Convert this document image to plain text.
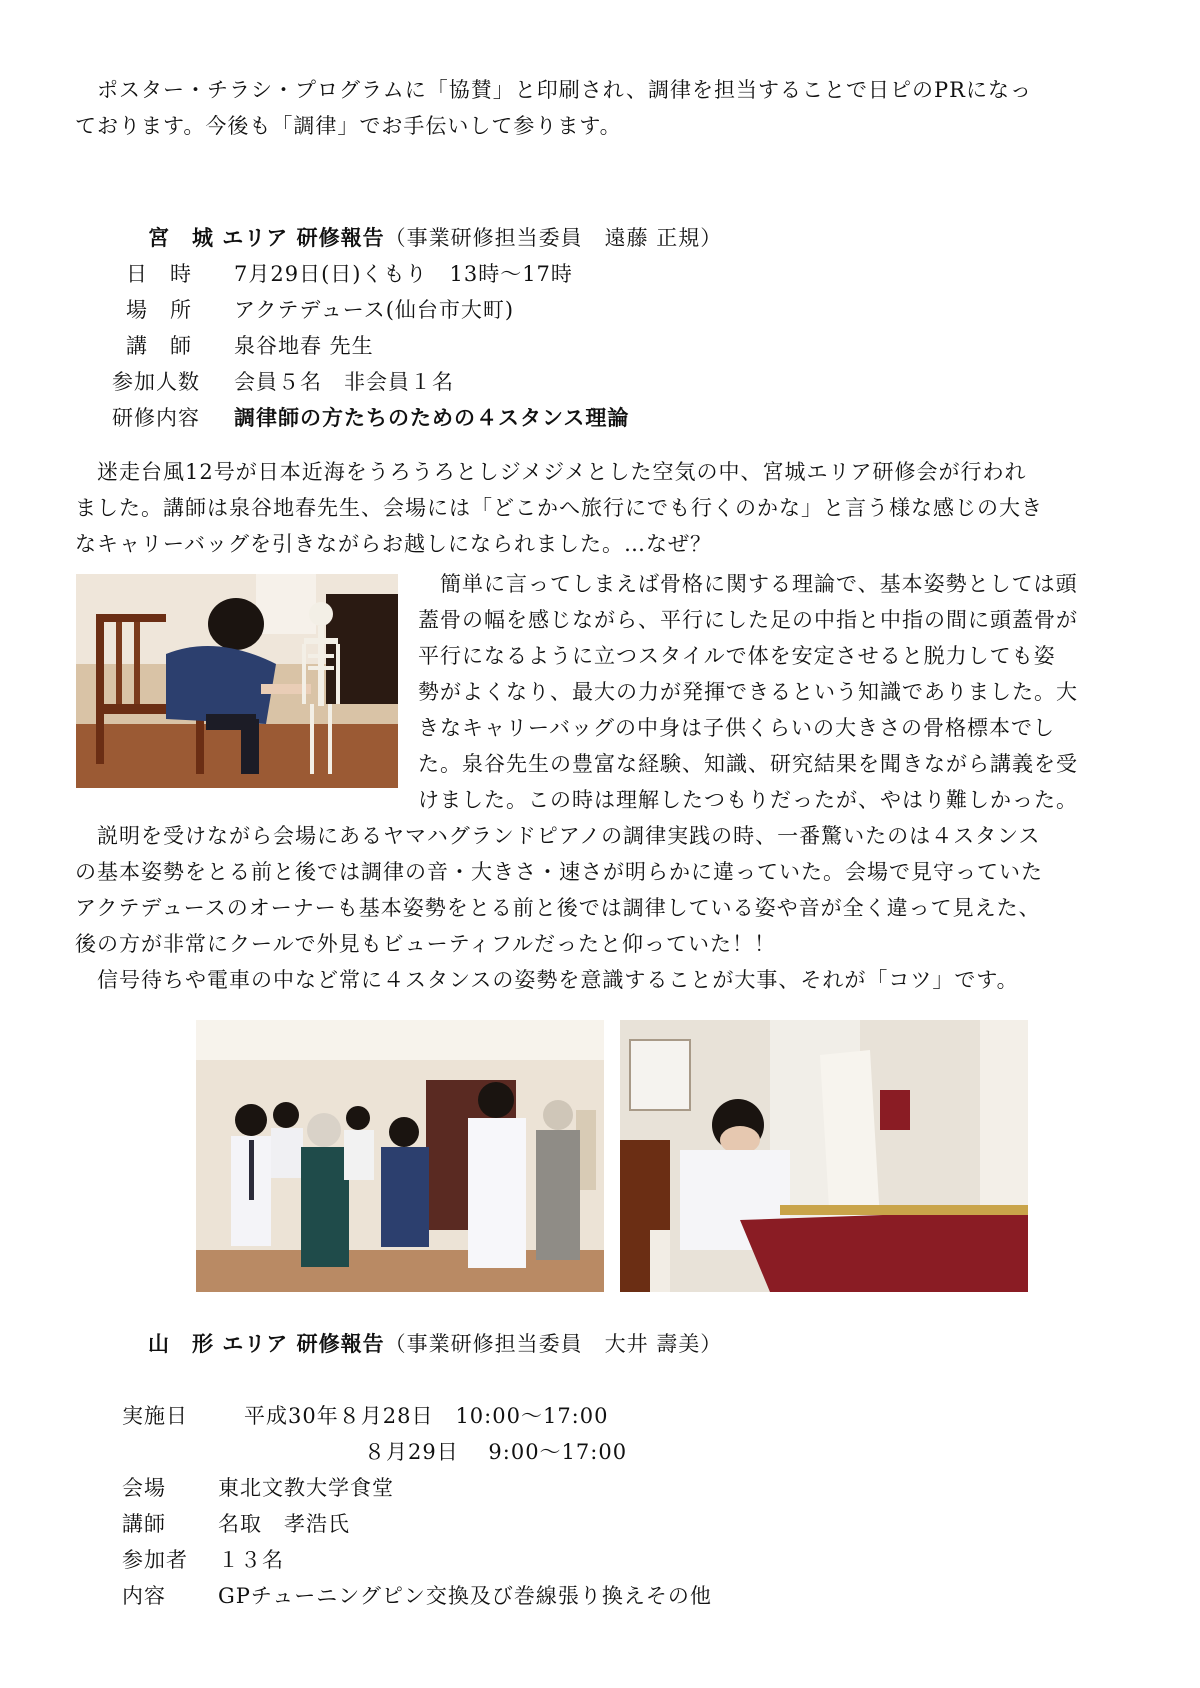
ポスター・チラシ・プログラムに「協賛」と印刷され、調律を担当することで日ピのPRになっ
ております。今後も「調律」でお手伝いして参ります。
宮　城 エリア 研修報告（事業研修担当委員　遠藤 正規）
日　時 7月29日(日)くもり　13時〜17時
場　所 アクテデュース(仙台市大町)
講　師 泉谷地春 先生
参加人数 会員５名　非会員１名
研修内容 調律師の方たちのための４スタンス理論
迷走台風12号が日本近海をうろうろとしジメジメとした空気の中、宮城エリア研修会が行われ
ました。講師は泉谷地春先生、会場には「どこかへ旅行にでも行くのかな」と言う様な感じの大き
なキャリーバッグを引きながらお越しになられました。…なぜ？
簡単に言ってしまえば骨格に関する理論で、基本姿勢としては頭
蓋骨の幅を感じながら、平行にした足の中指と中指の間に頭蓋骨が
平行になるように立つスタイルで体を安定させると脱力しても姿
勢がよくなり、最大の力が発揮できるという知識でありました。大
きなキャリーバッグの中身は子供くらいの大きさの骨格標本でし
た。泉谷先生の豊富な経験、知識、研究結果を聞きながら講義を受
けました。この時は理解したつもりだったが、やはり難しかった。
説明を受けながら会場にあるヤマハグランドピアノの調律実践の時、一番驚いたのは４スタンス
の基本姿勢をとる前と後では調律の音・大きさ・速さが明らかに違っていた。会場で見守っていた
アクテデュースのオーナーも基本姿勢をとる前と後では調律している姿や音が全く違って見えた、
後の方が非常にクールで外見もビューティフルだったと仰っていた！！
信号待ちや電車の中など常に４スタンスの姿勢を意識することが大事、それが「コツ」です。
山　形 エリア 研修報告（事業研修担当委員　大井 壽美）
実施日	平成30年８月28日　10:00〜17:00
８月29日　 9:00〜17:00
会場 東北文教大学食堂
講師 名取　孝浩氏
参加者 １３名
内容 GPチューニングピン交換及び巻線張り換えその他
